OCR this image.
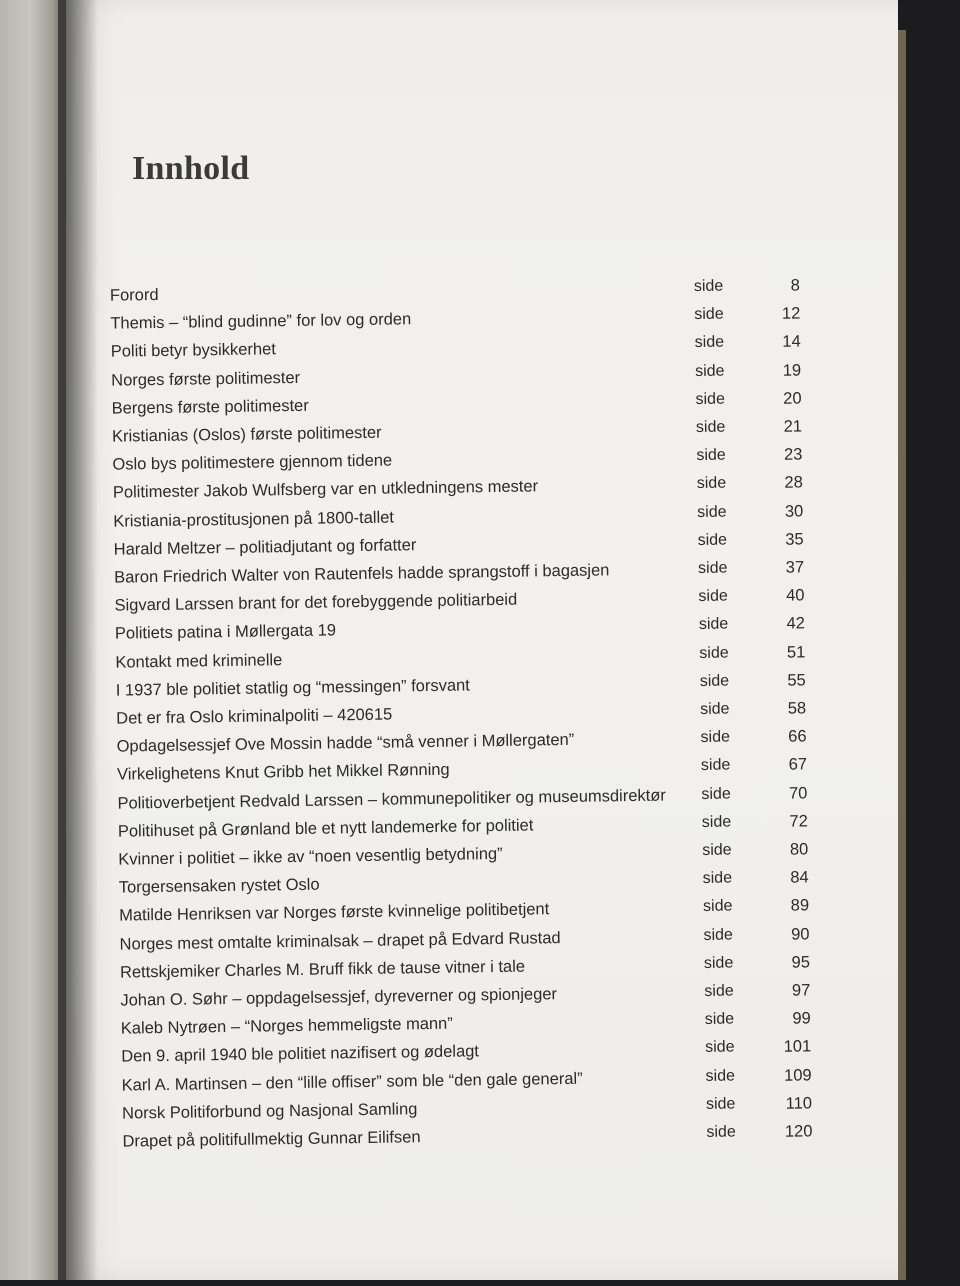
Innhold
Forord	side	8
Themis – “blind gudinne” for lov og orden	side	12
Politi betyr bysikkerhet	side	14
Norges første politimester	side	19
Bergens første politimester	side	20
Kristianias (Oslos) første politimester	side	21
Oslo bys politimestere gjennom tidene	side	23
Politimester Jakob Wulfsberg var en utkledningens mester	side	28
Kristiania-prostitusjonen på 1800-tallet	side	30
Harald Meltzer – politiadjutant og forfatter	side	35
Baron Friedrich Walter von Rautenfels hadde sprangstoff i bagasjen	side	37
Sigvard Larssen brant for det forebyggende politiarbeid	side	40
Politiets patina i Møllergata 19	side	42
Kontakt med kriminelle	side	51
I 1937 ble politiet statlig og “messingen” forsvant	side	55
Det er fra Oslo kriminalpoliti – 420615	side	58
Opdagelsessjef Ove Mossin hadde “små venner i Møllergaten”	side	66
Virkelighetens Knut Gribb het Mikkel Rønning	side	67
Politioverbetjent Redvald Larssen – kommunepolitiker og museumsdirektør side	70
Politihuset på Grønland ble et nytt landemerke for politiet	side	72
Kvinner i politiet – ikke av “noen vesentlig betydning”	side	80
Torgersensaken rystet Oslo	side	84
Matilde Henriksen var Norges første kvinnelige politibetjent	side	89
Norges mest omtalte kriminalsak – drapet på Edvard Rustad	side	90
Rettskjemiker Charles M. Bruff fikk de tause vitner i tale	side	95
Johan O. Søhr – oppdagelsessjef, dyreverner og spionjeger	side	97
Kaleb Nytrøen – “Norges hemmeligste mann”	side	99
Den 9. april 1940 ble politiet nazifisert og ødelagt	side	101
Karl A. Martinsen – den “lille offiser” som ble “den gale general”	side	109
Norsk Politiforbund og Nasjonal Samling	side	110
Drapet på politifullmektig Gunnar Eilifsen	side	120
